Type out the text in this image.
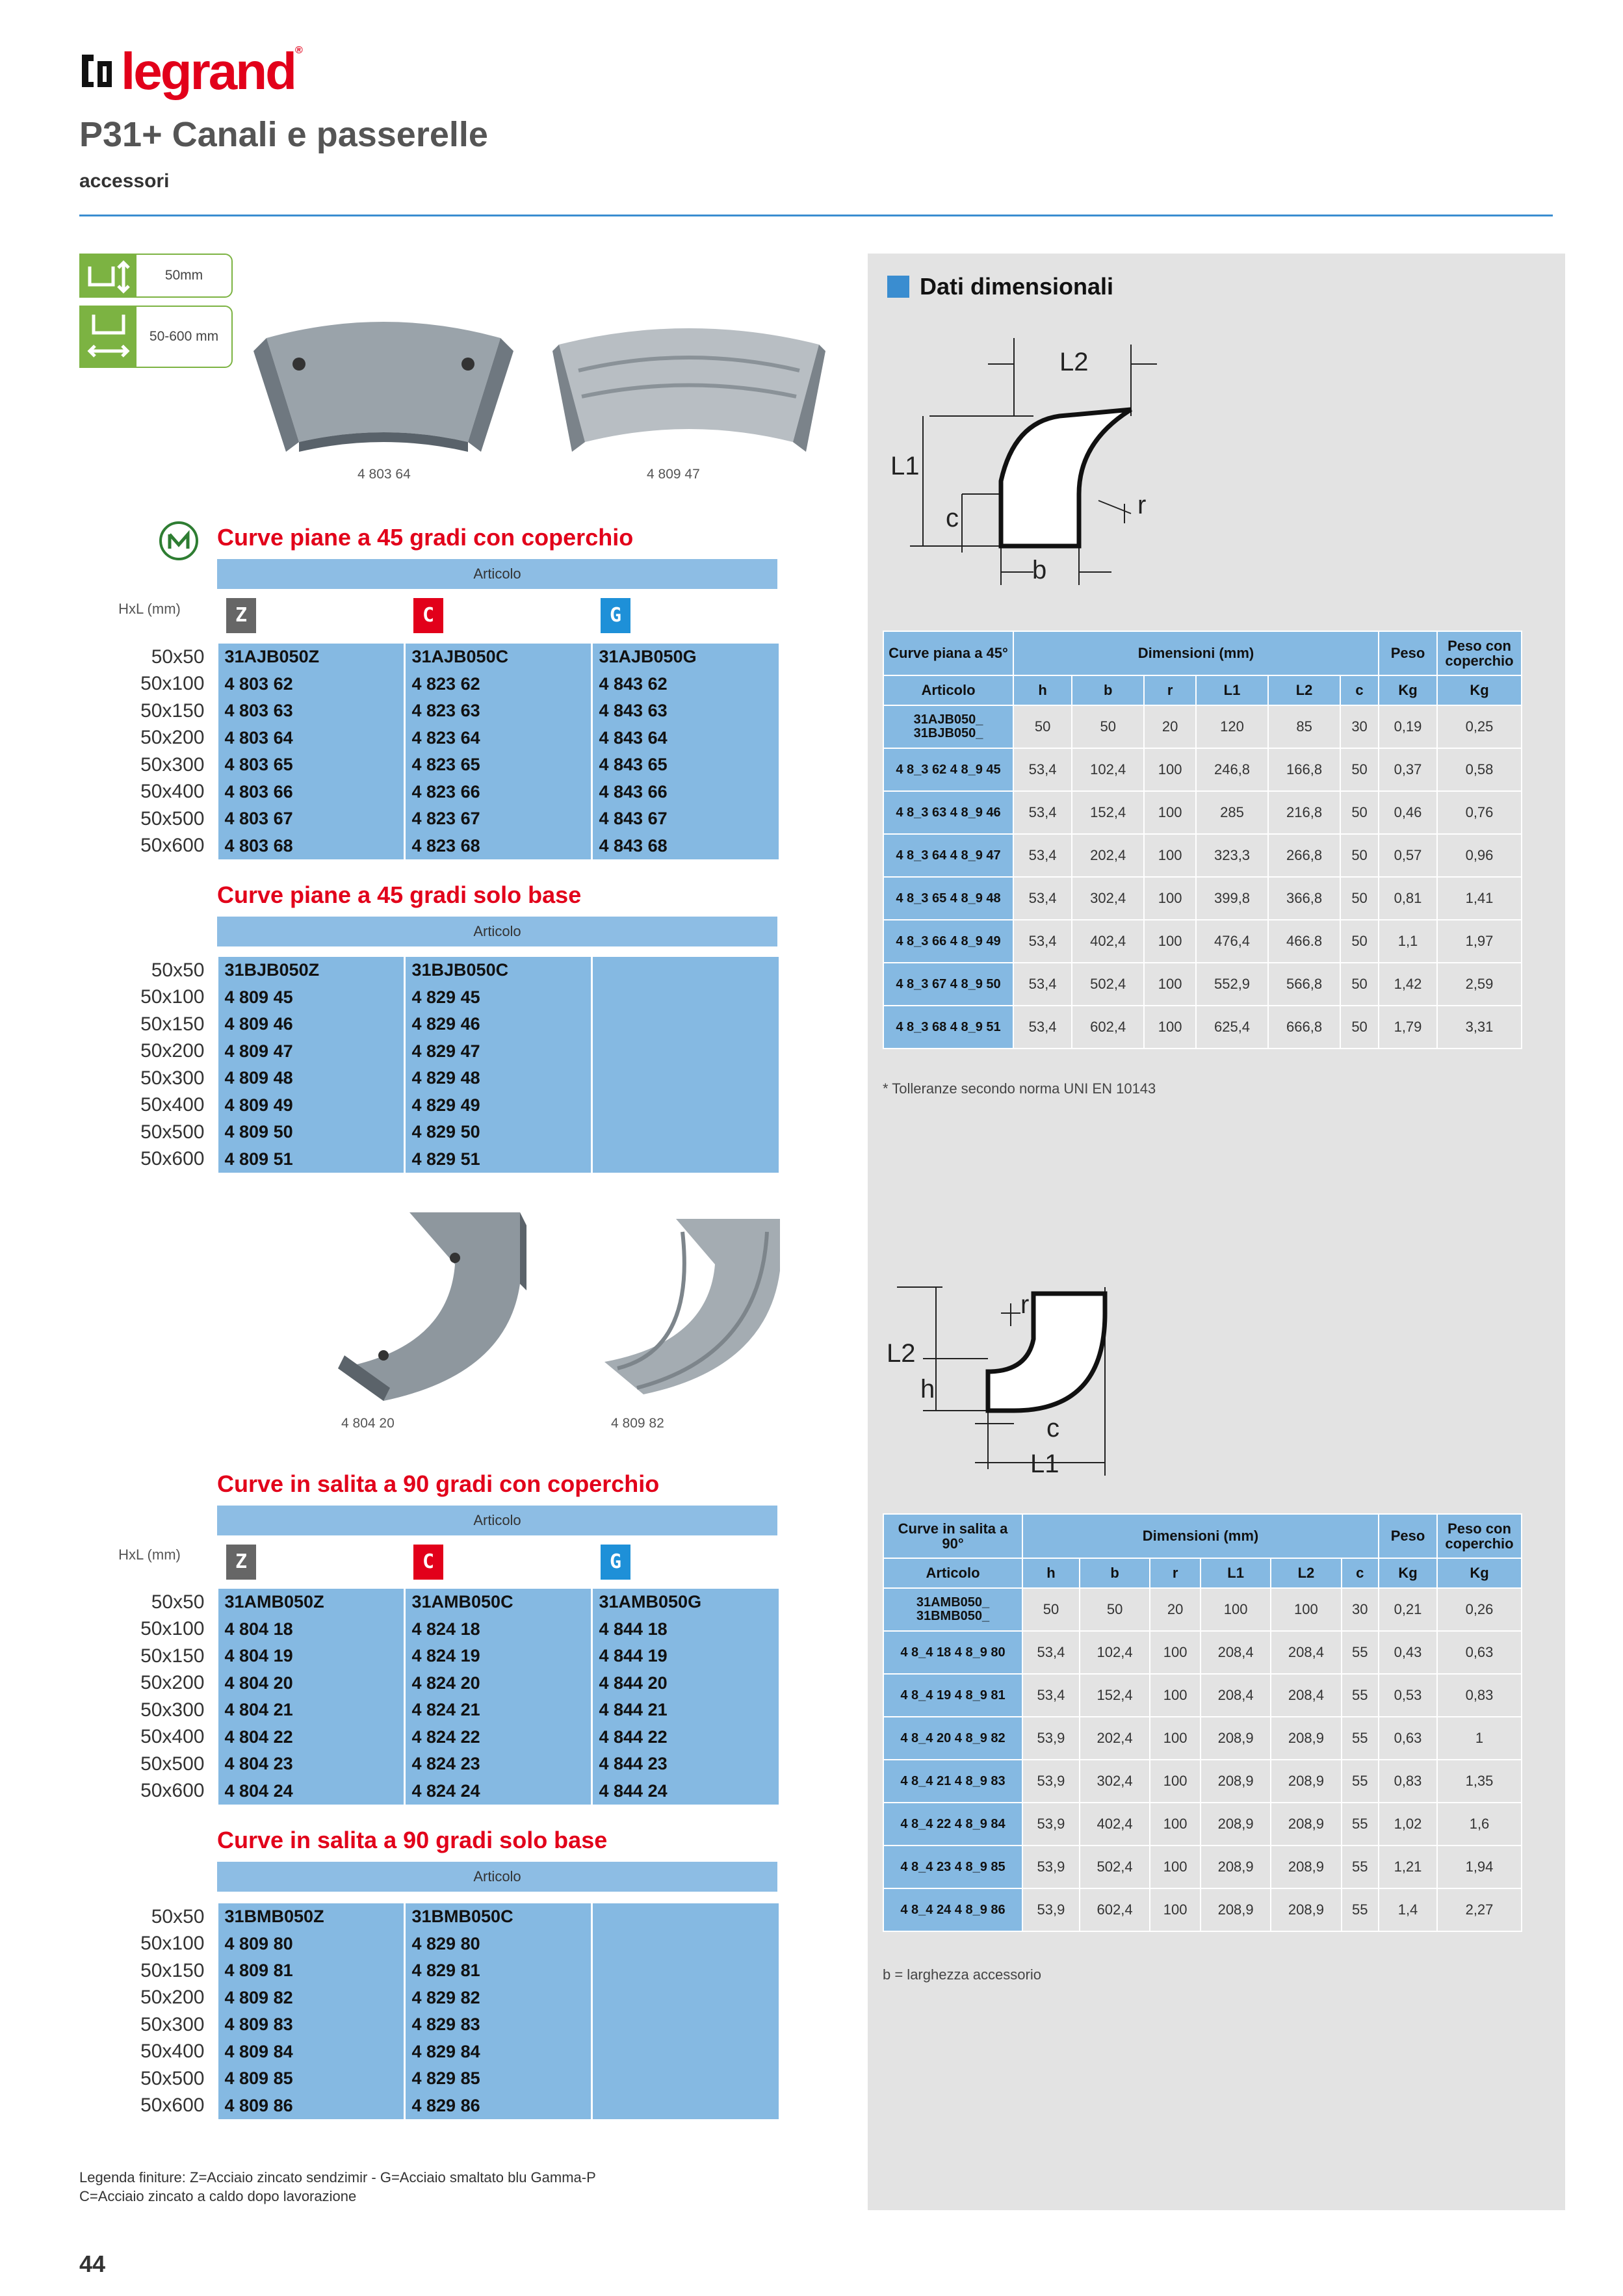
legrand®
P31+ Canali e passerelle
accessori
50mm
50-600 mm
4 803 64	4 809 47
Curve piane a 45 gradi con coperchio
Articolo
HxL (mm)	Z	C	G
50x50	31AJB050Z	31AJB050C	31AJB050G
50x100	4 803 62	4 823 62	4 843 62
50x150	4 803 63	4 823 63	4 843 63
50x200	4 803 64	4 823 64	4 843 64
50x300	4 803 65	4 823 65	4 843 65
50x400	4 803 66	4 823 66	4 843 66
50x500	4 803 67	4 823 67	4 843 67
50x600	4 803 68	4 823 68	4 843 68
Curve piane a 45 gradi solo base
Articolo
50x50	31BJB050Z	31BJB050C	
50x100	4 809 45	4 829 45	
50x150	4 809 46	4 829 46	
50x200	4 809 47	4 829 47	
50x300	4 809 48	4 829 48	
50x400	4 809 49	4 829 49	
50x500	4 809 50	4 829 50	
50x600	4 809 51	4 829 51	
4 804 20	4 809 82
Curve in salita a 90 gradi con coperchio
Articolo
HxL (mm)	Z	C	G
50x50	31AMB050Z	31AMB050C	31AMB050G
50x100	4 804 18	4 824 18	4 844 18
50x150	4 804 19	4 824 19	4 844 19
50x200	4 804 20	4 824 20	4 844 20
50x300	4 804 21	4 824 21	4 844 21
50x400	4 804 22	4 824 22	4 844 22
50x500	4 804 23	4 824 23	4 844 23
50x600	4 804 24	4 824 24	4 844 24
Curve in salita a 90 gradi solo base
Articolo
50x50	31BMB050Z	31BMB050C	
50x100	4 809 80	4 829 80	
50x150	4 809 81	4 829 81	
50x200	4 809 82	4 829 82	
50x300	4 809 83	4 829 83	
50x400	4 809 84	4 829 84	
50x500	4 809 85	4 829 85	
50x600	4 809 86	4 829 86	
Legenda finiture: Z=Acciaio zincato sendzimir - G=Acciaio smaltato blu Gamma-P
C=Acciaio zincato a caldo dopo lavorazione
44
Dati dimensionali
L2
L1
c	r
b
Curve piana a 45°	Dimensioni (mm)						Peso	Peso con coperchio
Articolo	h	b	r	L1	L2	c	Kg	Kg
31AJB050_ 31BJB050_	50	50	20	120	85	30	0,19	0,25
4 8_3 62 4 8_9 45	53,4	102,4	100	246,8	166,8	50	0,37	0,58
4 8_3 63 4 8_9 46	53,4	152,4	100	285	216,8	50	0,46	0,76
4 8_3 64 4 8_9 47	53,4	202,4	100	323,3	266,8	50	0,57	0,96
4 8_3 65 4 8_9 48	53,4	302,4	100	399,8	366,8	50	0,81	1,41
4 8_3 66 4 8_9 49	53,4	402,4	100	476,4	466.8	50	1,1	1,97
4 8_3 67 4 8_9 50	53,4	502,4	100	552,9	566,8	50	1,42	2,59
4 8_3 68 4 8_9 51	53,4	602,4	100	625,4	666,8	50	1,79	3,31
* Tolleranze secondo norma UNI EN 10143
r
L2
h
c
L1
Curve in salita a 90°	Dimensioni (mm)						Peso	Peso con coperchio
Articolo	h	b	r	L1	L2	c	Kg	Kg
31AMB050_ 31BMB050_	50	50	20	100	100	30	0,21	0,26
4 8_4 18 4 8_9 80	53,4	102,4	100	208,4	208,4	55	0,43	0,63
4 8_4 19 4 8_9 81	53,4	152,4	100	208,4	208,4	55	0,53	0,83
4 8_4 20 4 8_9 82	53,9	202,4	100	208,9	208,9	55	0,63	1
4 8_4 21 4 8_9 83	53,9	302,4	100	208,9	208,9	55	0,83	1,35
4 8_4 22 4 8_9 84	53,9	402,4	100	208,9	208,9	55	1,02	1,6
4 8_4 23 4 8_9 85	53,9	502,4	100	208,9	208,9	55	1,21	1,94
4 8_4 24 4 8_9 86	53,9	602,4	100	208,9	208,9	55	1,4	2,27
b = larghezza accessorio
